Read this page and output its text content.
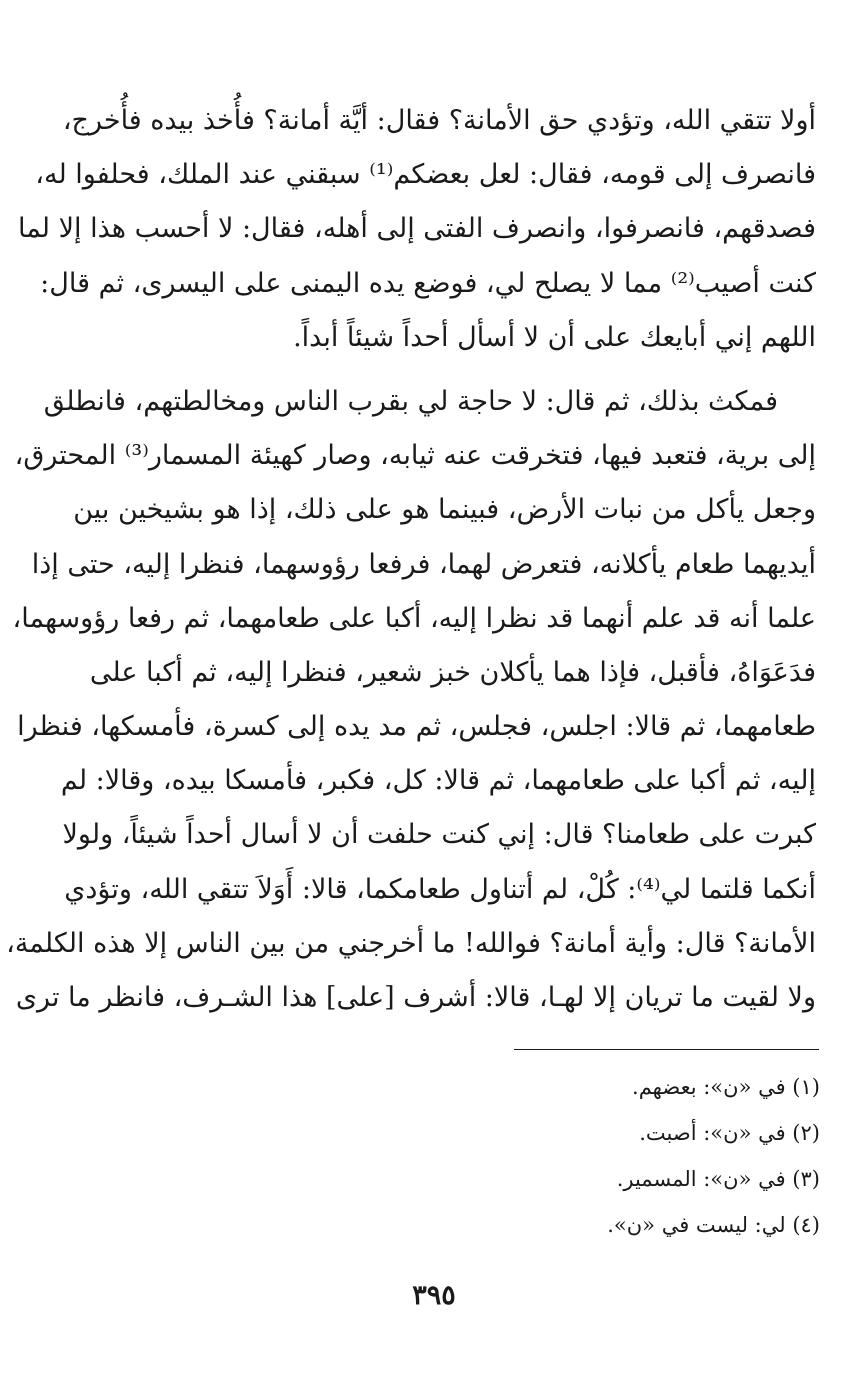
أولا تتقي الله، وتؤدي حق الأمانة؟ فقال: أيَّة أمانة؟ فأُخذ بيده فأُخرج،
فانصرف إلى قومه، فقال: لعل بعضكم⁽¹⁾ سبقني عند الملك، فحلفوا له،
فصدقهم، فانصرفوا، وانصرف الفتى إلى أهله، فقال: لا أحسب هذا إلا لما
كنت أصيب⁽²⁾ مما لا يصلح لي، فوضع يده اليمنى على اليسرى، ثم قال:
اللهم إني أبايعك على أن لا أسأل أحداً شيئاً أبداً.
فمكث بذلك، ثم قال: لا حاجة لي بقرب الناس ومخالطتهم، فانطلق
إلى برية، فتعبد فيها، فتخرقت عنه ثيابه، وصار كهيئة المسمار⁽³⁾ المحترق،
وجعل يأكل من نبات الأرض، فبينما هو على ذلك، إذا هو بشيخين بين
أيديهما طعام يأكلانه، فتعرض لهما، فرفعا رؤوسهما، فنظرا إليه، حتى إذا
علما أنه قد علم أنهما قد نظرا إليه، أكبا على طعامهما، ثم رفعا رؤوسهما،
فدَعَوَاهُ، فأقبل، فإذا هما يأكلان خبز شعير، فنظرا إليه، ثم أكبا على
طعامهما، ثم قالا: اجلس، فجلس، ثم مد يده إلى كسرة، فأمسكها، فنظرا
إليه، ثم أكبا على طعامهما، ثم قالا: كل، فكبر، فأمسكا بيده، وقالا: لم
كبرت على طعامنا؟ قال: إني كنت حلفت أن لا أسال أحداً شيئاً، ولولا
أنكما قلتما لي⁽⁴⁾: كُلْ، لم أتناول طعامكما، قالا: أَوَلاَ تتقي الله، وتؤدي
الأمانة؟ قال: وأية أمانة؟ فوالله! ما أخرجني من بين الناس إلا هذه الكلمة،
ولا لقيت ما تريان إلا لهـا، قالا: أشرف [على] هذا الشـرف، فانظر ما ترى
(١) في «ن»: بعضهم.
(٢) في «ن»: أصبت.
(٣) في «ن»: المسمير.
(٤) لي: ليست في «ن».
٣٩٥
